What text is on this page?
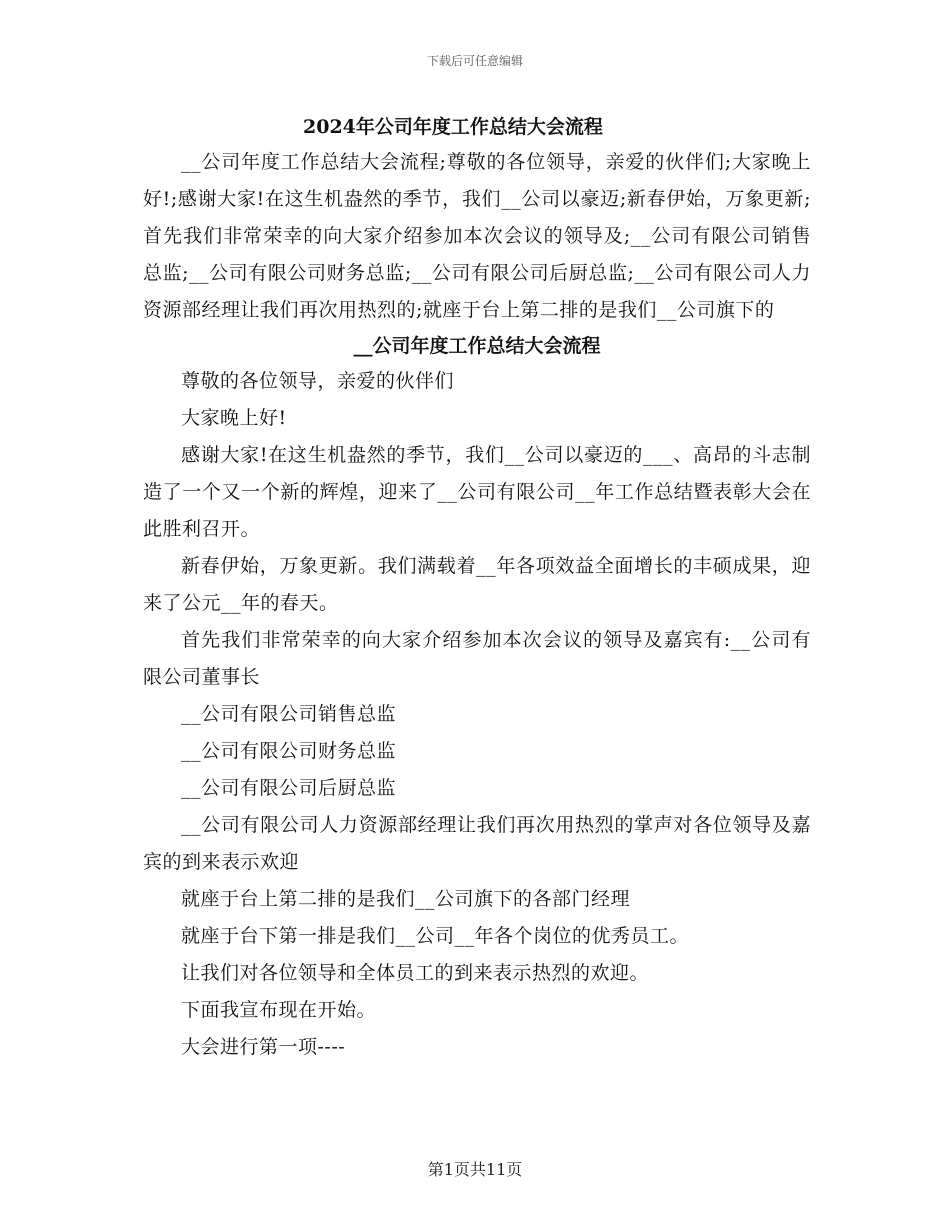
下载后可任意编辑
2024年公司年度工作总结大会流程

__公司年度工作总结大会流程;尊敬的各位领导，亲爱的伙伴们;大家晚上好!;感谢大家!在这生机盎然的季节，我们__公司以豪迈;新春伊始，万象更新;首先我们非常荣幸的向大家介绍参加本次会议的领导及;__公司有限公司销售总监;__公司有限公司财务总监;__公司有限公司后厨总监;__公司有限公司人力资源部经理让我们再次用热烈的;就座于台上第二排的是我们__公司旗下的

__公司年度工作总结大会流程

尊敬的各位领导，亲爱的伙伴们

大家晚上好!

感谢大家!在这生机盎然的季节，我们__公司以豪迈的___、高昂的斗志制造了一个又一个新的辉煌，迎来了__公司有限公司__年工作总结暨表彰大会在此胜利召开。

新春伊始，万象更新。我们满载着__年各项效益全面增长的丰硕成果，迎来了公元__年的春天。

首先我们非常荣幸的向大家介绍参加本次会议的领导及嘉宾有:__公司有限公司董事长

__公司有限公司销售总监

__公司有限公司财务总监

__公司有限公司后厨总监

__公司有限公司人力资源部经理让我们再次用热烈的掌声对各位领导及嘉宾的到来表示欢迎

就座于台上第二排的是我们__公司旗下的各部门经理

就座于台下第一排是我们__公司__年各个岗位的优秀员工。

让我们对各位领导和全体员工的到来表示热烈的欢迎。

下面我宣布现在开始。

大会进行第一项----

第1页共11页
